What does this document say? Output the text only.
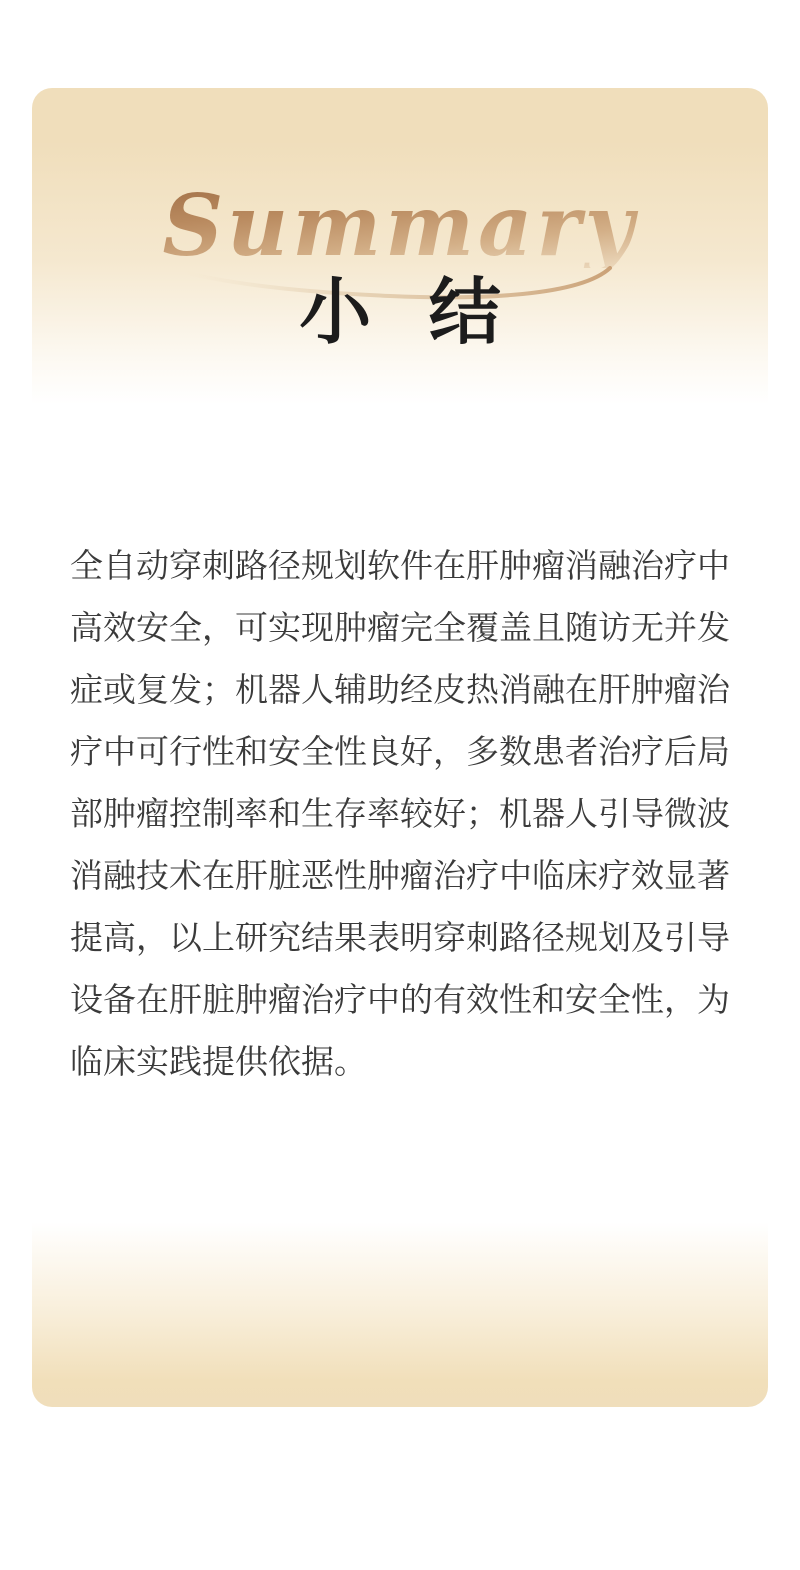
Summary
小结

全自动穿刺路径规划软件在肝肿瘤消融治疗中高效安全，可实现肿瘤完全覆盖且随访无并发症或复发；机器人辅助经皮热消融在肝肿瘤治疗中可行性和安全性良好，多数患者治疗后局部肿瘤控制率和生存率较好；机器人引导微波消融技术在肝脏恶性肿瘤治疗中临床疗效显著提高，以上研究结果表明穿刺路径规划及引导设备在肝脏肿瘤治疗中的有效性和安全性，为临床实践提供依据。
